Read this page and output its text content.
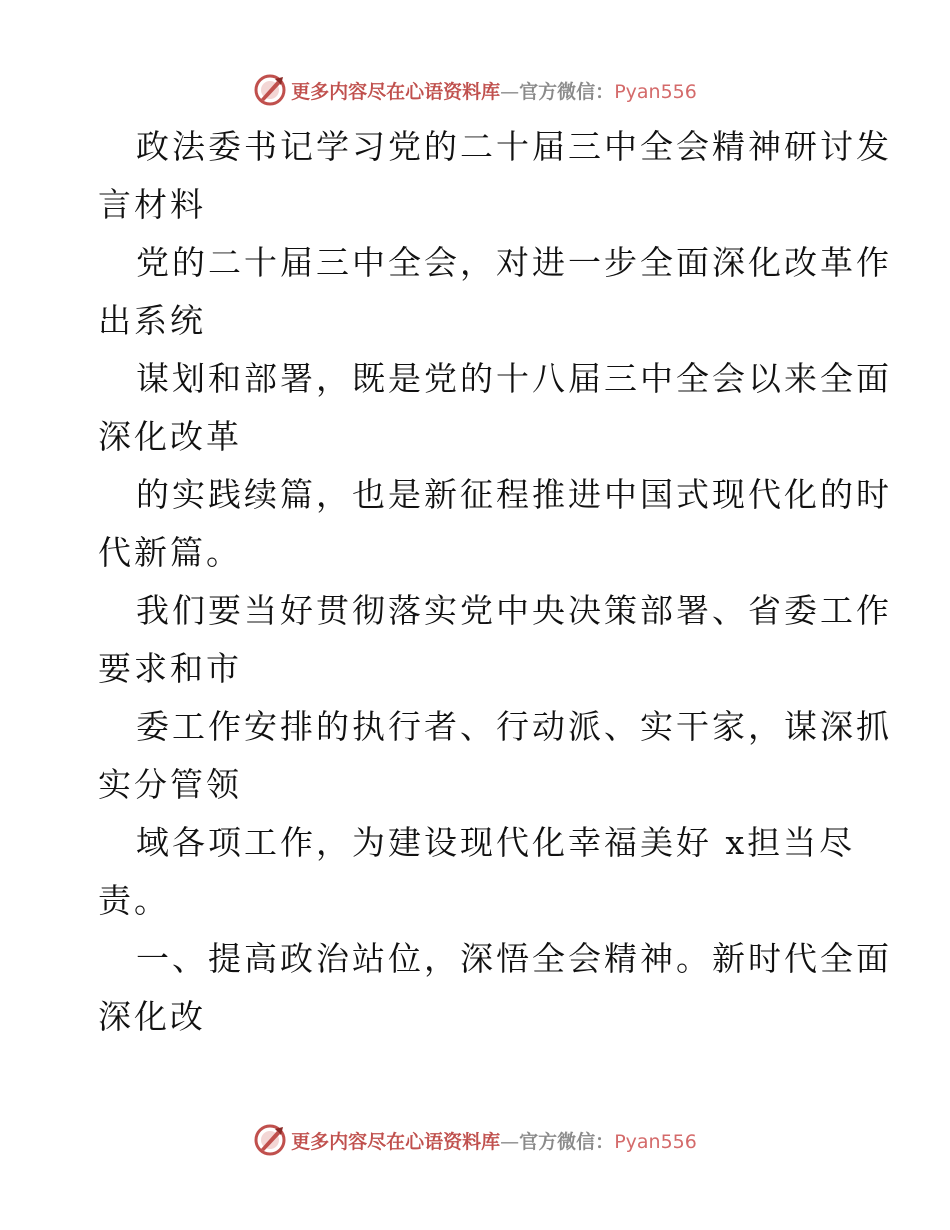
更多内容尽在心语资料库—官方微信：Pyan556
政法委书记学习党的二十届三中全会精神研讨发
言材料
党的二十届三中全会，对进一步全面深化改革作
出系统
谋划和部署，既是党的十八届三中全会以来全面
深化改革
的实践续篇，也是新征程推进中国式现代化的时
代新篇。
我们要当好贯彻落实党中央决策部署、省委工作
要求和市
委工作安排的执行者、行动派、实干家，谋深抓
实分管领
域各项工作，为建设现代化幸福美好 x担当尽
责。
一、提高政治站位，深悟全会精神。新时代全面
深化改
更多内容尽在心语资料库—官方微信：Pyan556
